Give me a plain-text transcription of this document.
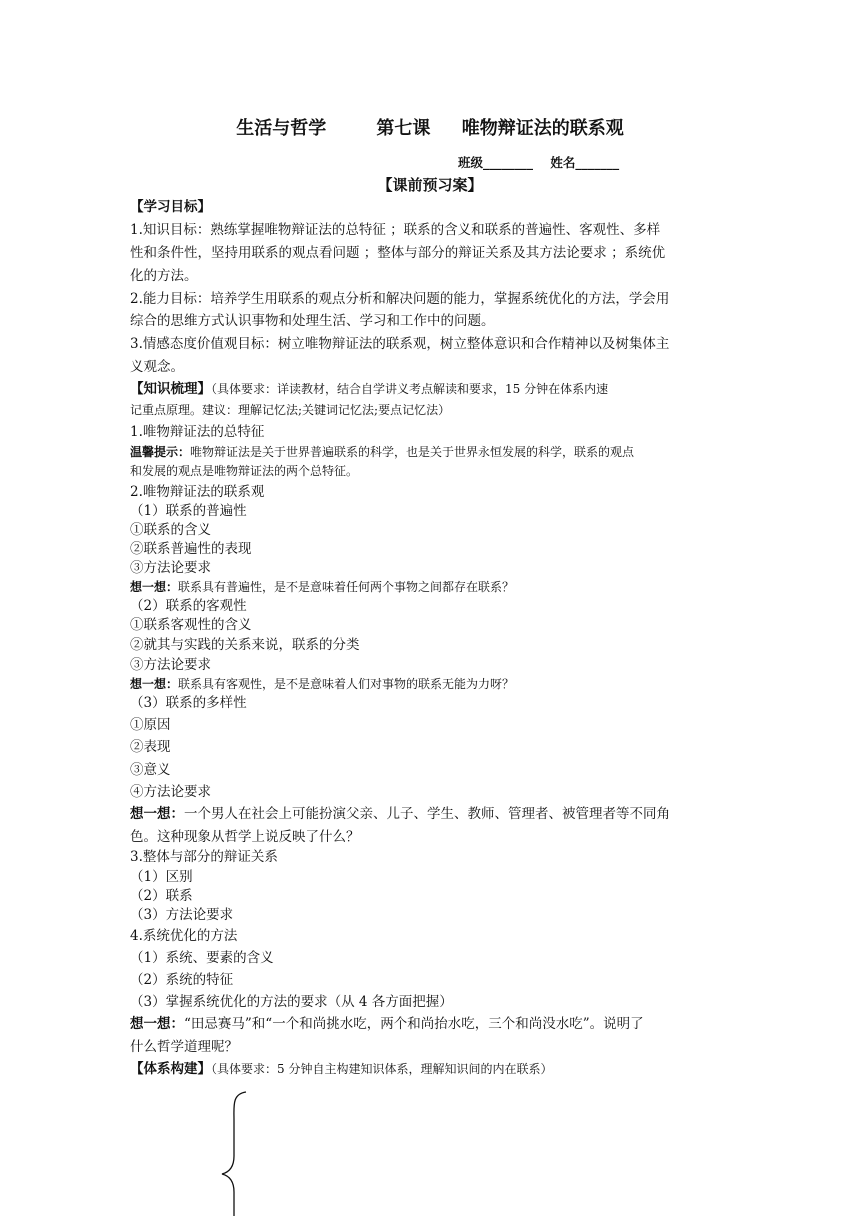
生活与哲学        第七课     唯物辩证法的联系观
班级________    姓名_______
【课前预习案】
【学习目标】
1.知识目标：熟练掌握唯物辩证法的总特征 ；联系的含义和联系的普遍性、客观性、多样
性和条件性，坚持用联系的观点看问题 ；整体与部分的辩证关系及其方法论要求 ；系统优
化的方法。
2.能力目标：培养学生用联系的观点分析和解决问题的能力，掌握系统优化的方法，学会用
综合的思维方式认识事物和处理生活、学习和工作中的问题。
3.情感态度价值观目标：树立唯物辩证法的联系观，树立整体意识和合作精神以及树集体主
义观念。
【知识梳理】（具体要求：详读教材，结合自学讲义考点解读和要求，15 分钟在体系内速
记重点原理。建议：理解记忆法;关键词记忆法;要点记忆法）
1.唯物辩证法的总特征
温馨提示：唯物辩证法是关于世界普遍联系的科学，也是关于世界永恒发展的科学，联系的观点
和发展的观点是唯物辩证法的两个总特征。
2.唯物辩证法的联系观
（1）联系的普遍性
①联系的含义
②联系普遍性的表现
③方法论要求
想一想：联系具有普遍性，是不是意味着任何两个事物之间都存在联系？
（2）联系的客观性
①联系客观性的含义
②就其与实践的关系来说，联系的分类
③方法论要求
想一想：联系具有客观性，是不是意味着人们对事物的联系无能为力呀？
（3）联系的多样性
①原因
②表现
③意义
④方法论要求
想一想：一个男人在社会上可能扮演父亲、儿子、学生、教师、管理者、被管理者等不同角
色。这种现象从哲学上说反映了什么？
3.整体与部分的辩证关系
（1）区别
（2）联系
（3）方法论要求
4.系统优化的方法
（1）系统、要素的含义
（2）系统的特征
（3）掌握系统优化的方法的要求（从 4 各方面把握）
想一想：“田忌赛马”和“一个和尚挑水吃，两个和尚抬水吃，三个和尚没水吃”。说明了
什么哲学道理呢？
【体系构建】（具体要求：5 分钟自主构建知识体系，理解知识间的内在联系）
